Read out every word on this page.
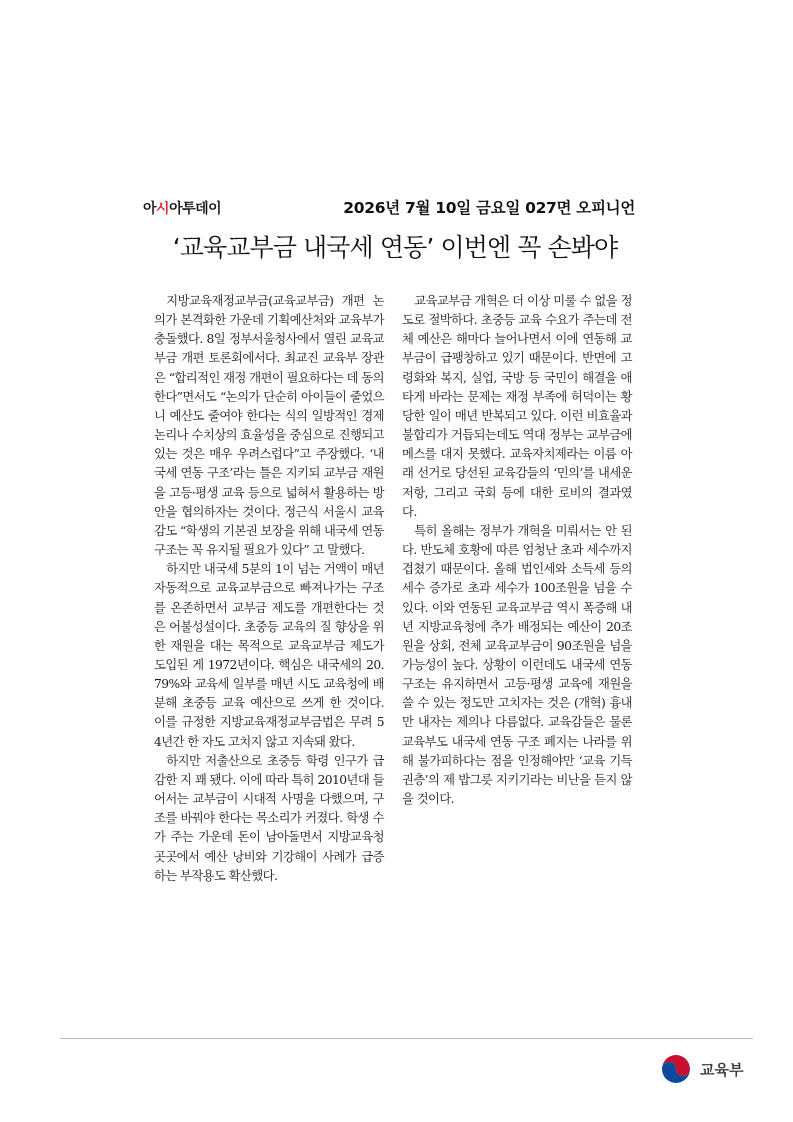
아시아투데이	2026년 7월 10일 금요일 027면 오피니언
‘교육교부금 내국세 연동’ 이번엔 꼭 손봐야

지방교육재정교부금(교육교부금) 개편 논의가 본격화한 가운데 기획예산처와 교육부가 충돌했다. 8일 정부서울청사에서 열린 교육교부금 개편 토론회에서다. 최교진 교육부 장관은 “합리적인 재정 개편이 필요하다는 데 동의한다”면서도 “논의가 단순히 아이들이 줄었으니 예산도 줄여야 한다는 식의 일방적인 경제 논리나 수치상의 효율성을 중심으로 진행되고 있는 것은 매우 우려스럽다”고 주장했다. ‘내국세 연동 구조’라는 틀은 지키되 교부금 재원을 고등·평생 교육 등으로 넓혀서 활용하는 방안을 협의하자는 것이다. 정근식 서울시 교육감도 “학생의 기본권 보장을 위해 내국세 연동 구조는 꼭 유지될 필요가 있다” 고 말했다.

하지만 내국세 5분의 1이 넘는 거액이 매년 자동적으로 교육교부금으로 빠져나가는 구조를 온존하면서 교부금 제도를 개편한다는 것은 어불성설이다. 초중등 교육의 질 향상을 위한 재원을 대는 목적으로 교육교부금 제도가 도입된 게 1972년이다. 핵심은 내국세의 20.79%와 교육세 일부를 매년 시도 교육청에 배분해 초중등 교육 예산으로 쓰게 한 것이다. 이를 규정한 지방교육재정교부금법은 무려 54년간 한 자도 고치지 않고 지속돼 왔다.

하지만 저출산으로 초중등 학령 인구가 급감한 지 꽤 됐다. 이에 따라 특히 2010년대 들어서는 교부금이 시대적 사명을 다했으며, 구조를 바꿔야 한다는 목소리가 커졌다. 학생 수가 주는 가운데 돈이 남아돌면서 지방교육청 곳곳에서 예산 낭비와 기강해이 사례가 급증하는 부작용도 확산했다.

교육교부금 개혁은 더 이상 미룰 수 없을 정도로 절박하다. 초중등 교육 수요가 주는데 전체 예산은 해마다 늘어나면서 이에 연동해 교부금이 급팽창하고 있기 때문이다. 반면에 고령화와 복지, 실업, 국방 등 국민이 해결을 애타게 바라는 문제는 재정 부족에 허덕이는 황당한 일이 매년 반복되고 있다. 이런 비효율과 불합리가 거듭되는데도 역대 정부는 교부금에 메스를 대지 못했다. 교육자치제라는 이름 아래 선거로 당선된 교육감들의 ‘민의’를 내세운 저항, 그리고 국회 등에 대한 로비의 결과였다.

특히 올해는 정부가 개혁을 미뤄서는 안 된다. 반도체 호황에 따른 엄청난 초과 세수까지 겹쳤기 때문이다. 올해 법인세와 소득세 등의 세수 증가로 초과 세수가 100조원을 넘을 수 있다. 이와 연동된 교육교부금 역시 폭증해 내년 지방교육청에 추가 배정되는 예산이 20조원을 상회, 전체 교육교부금이 90조원을 넘을 가능성이 높다. 상황이 이런데도 내국세 연동 구조는 유지하면서 고등·평생 교육에 재원을 쓸 수 있는 정도만 고치자는 것은 (개혁) 흉내만 내자는 제의나 다름없다. 교육감들은 물론 교육부도 내국세 연동 구조 폐지는 나라를 위해 불가피하다는 점을 인정해야만 ‘교육 기득권층’의 제 밥그릇 지키기라는 비난을 듣지 않을 것이다.

교육부
